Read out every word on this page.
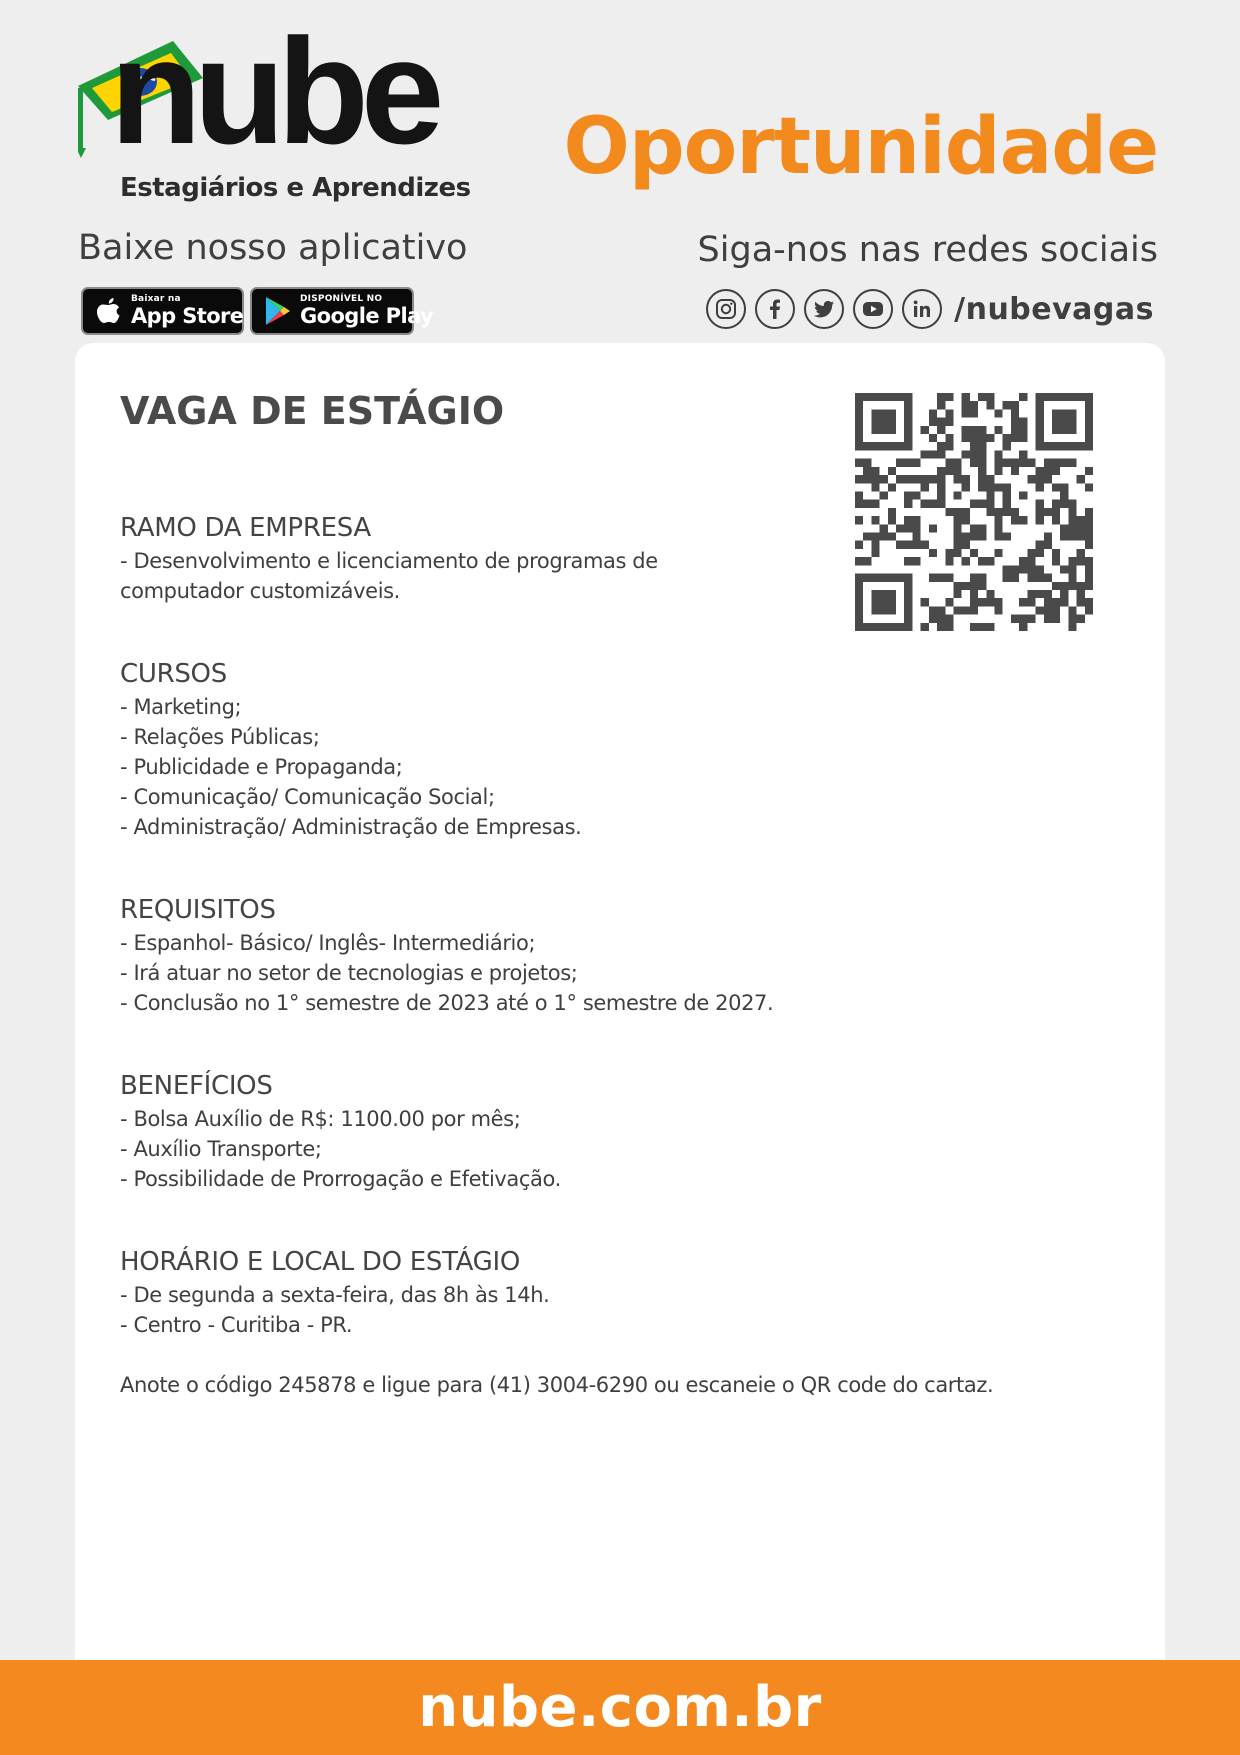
nube
Estagiários e Aprendizes Oportunidade
Baixe nosso aplicativo	Siga-nos nas redes sociais
Baixar na
App Store
DISPONÍVEL NO
Google Play	/nubevagas
VAGA DE ESTÁGIO
RAMO DA EMPRESA

- Desenvolvimento e licenciamento de programas de

computador customizáveis.

CURSOS

- Marketing;

- Relações Públicas;

- Publicidade e Propaganda;

- Comunicação/ Comunicação Social;

- Administração/ Administração de Empresas.

REQUISITOS

- Espanhol- Básico/ Inglês- Intermediário;

- Irá atuar no setor de tecnologias e projetos;

- Conclusão no 1° semestre de 2023 até o 1° semestre de 2027.

BENEFÍCIOS

- Bolsa Auxílio de R$: 1100.00 por mês;

- Auxílio Transporte;

- Possibilidade de Prorrogação e Efetivação.

HORÁRIO E LOCAL DO ESTÁGIO

- De segunda a sexta-feira, das 8h às 14h.

- Centro - Curitiba - PR.

Anote o código 245878 e ligue para (41) 3004-6290 ou escaneie o QR code do cartaz.
nube.com.br
